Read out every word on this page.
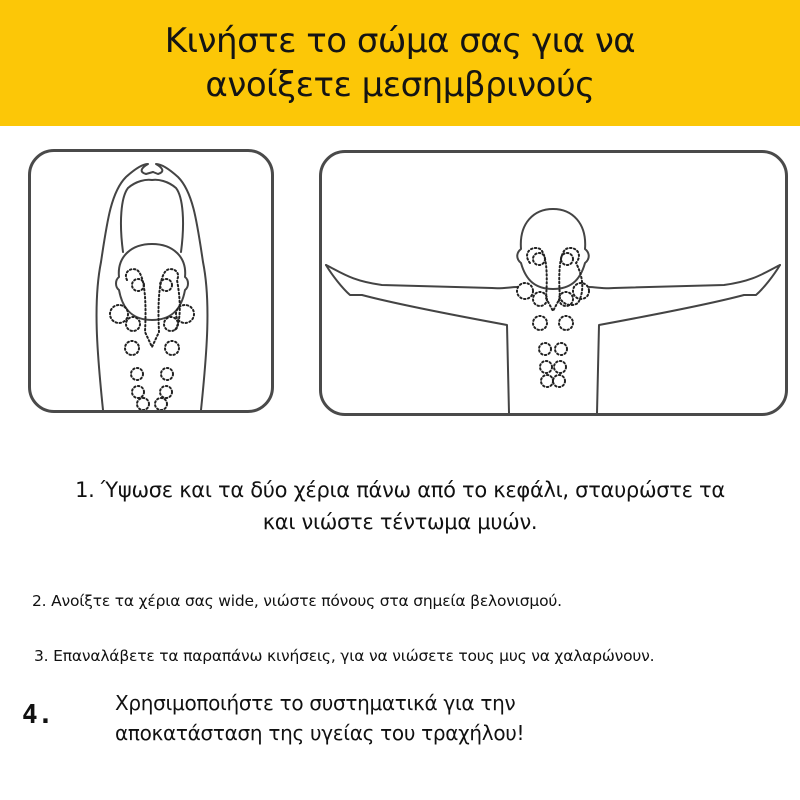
Κινήστε το σώμα σας για να
ανοίξετε μεσημβρινούς
1. Ύψωσε και τα δύο χέρια πάνω από το κεφάλι, σταυρώστε τα
και νιώστε τέντωμα μυών.
2. Ανοίξτε τα χέρια σας wide, νιώστε πόνους στα σημεία βελονισμού.
3. Επαναλάβετε τα παραπάνω κινήσεις, για να νιώσετε τους μυς να χαλαρώνουν.
4.	Χρησιμοποιήστε το συστηματικά για την
αποκατάσταση της υγείας του τραχήλου!
